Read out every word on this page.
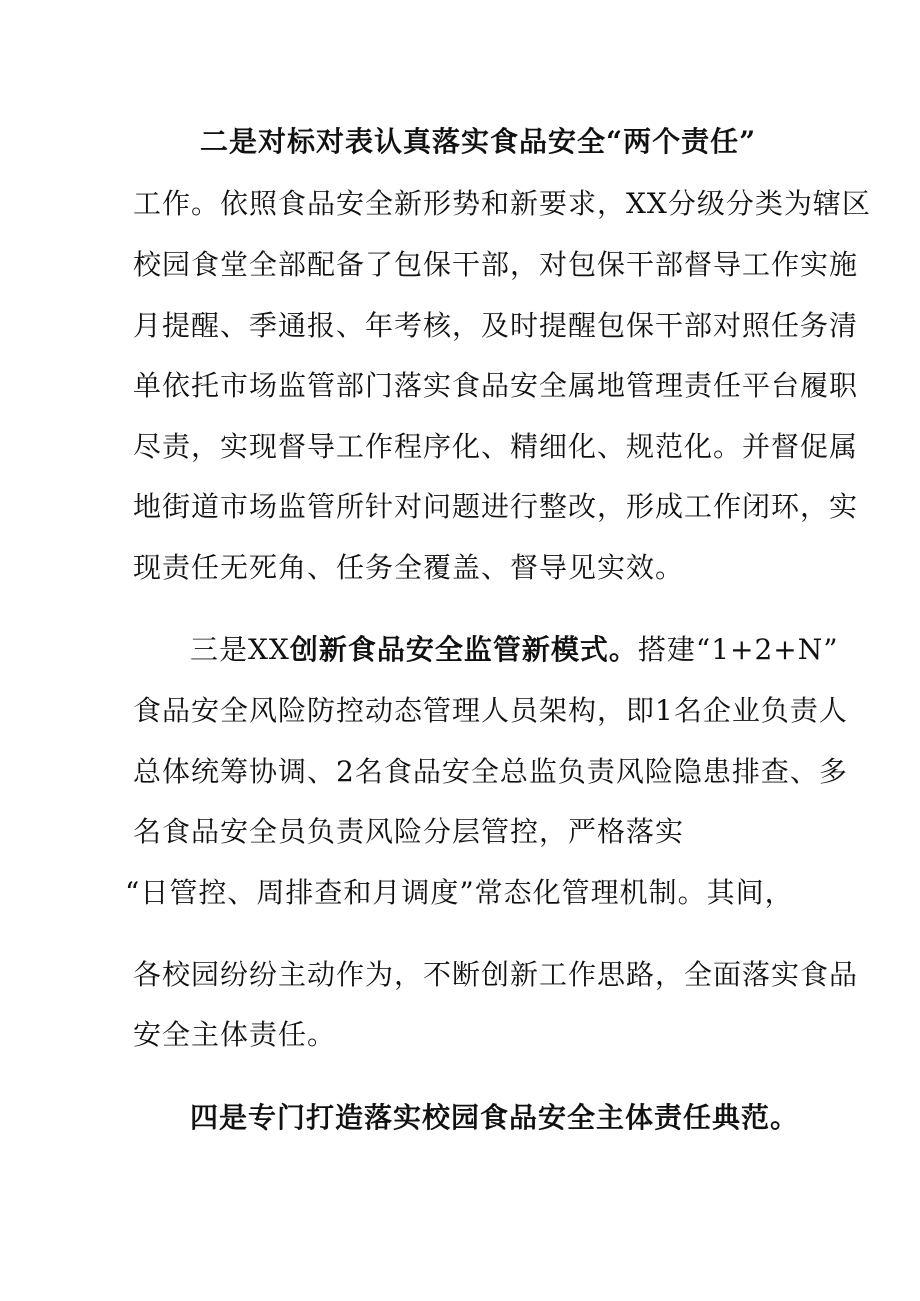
二是对标对表认真落实食品安全“两个责任”
工作。依照食品安全新形势和新要求，XX分级分类为辖区
校园食堂全部配备了包保干部，对包保干部督导工作实施
月提醒、季通报、年考核，及时提醒包保干部对照任务清
单依托市场监管部门落实食品安全属地管理责任平台履职
尽责，实现督导工作程序化、精细化、规范化。并督促属
地街道市场监管所针对问题进行整改，形成工作闭环，实
现责任无死角、任务全覆盖、督导见实效。
三是XX创新食品安全监管新模式。搭建“1+2+N”
食品安全风险防控动态管理人员架构，即1名企业负责人
总体统筹协调、2名食品安全总监负责风险隐患排查、多
名食品安全员负责风险分层管控，严格落实
“日管控、周排查和月调度”常态化管理机制。其间，
各校园纷纷主动作为，不断创新工作思路，全面落实食品
安全主体责任。
四是专门打造落实校园食品安全主体责任典范。
